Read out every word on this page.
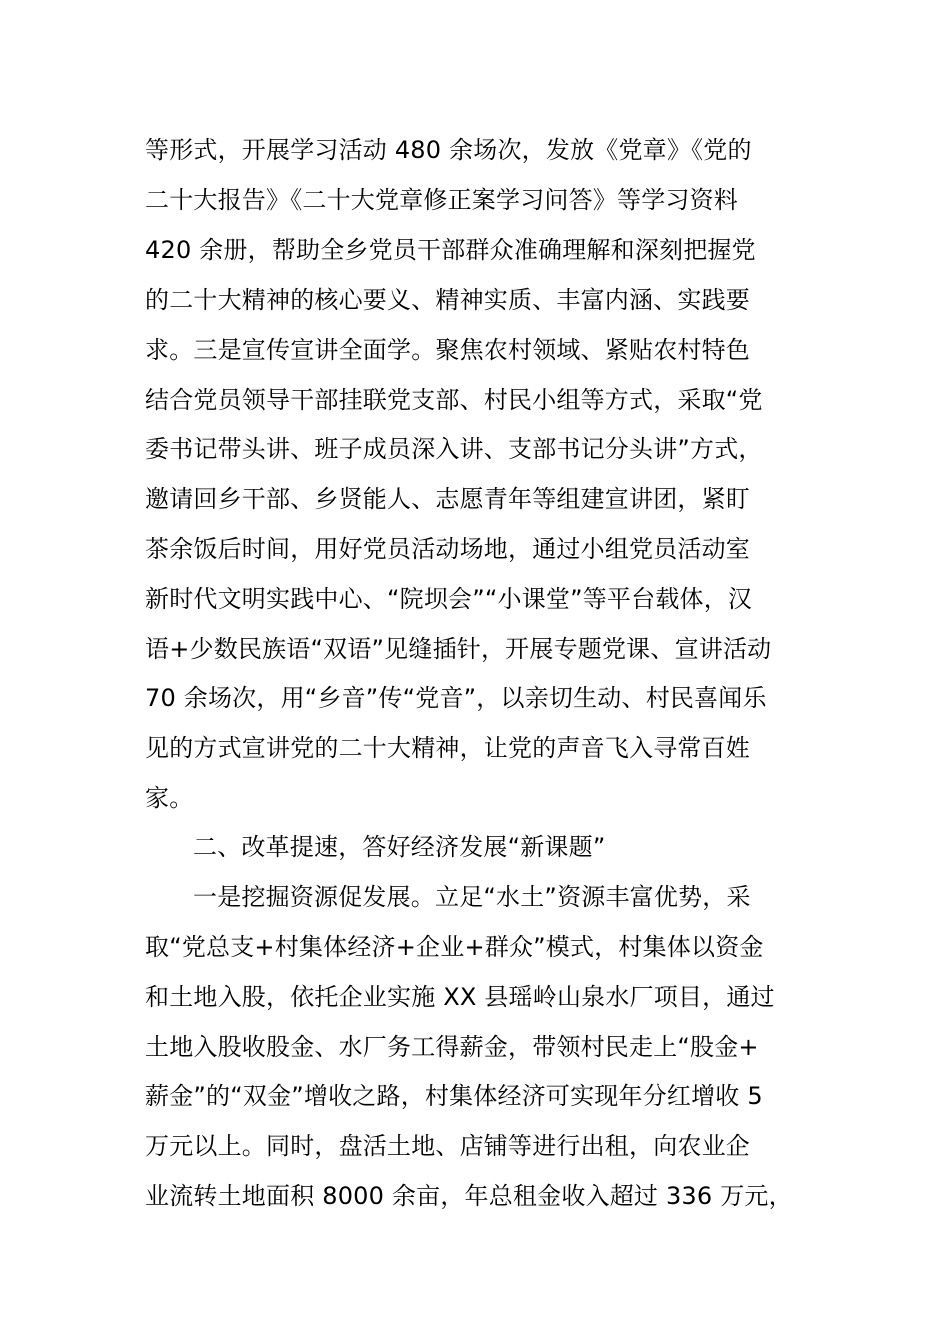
等形式，开展学习活动 480 余场次，发放《党章》《党的
二十大报告》《二十大党章修正案学习问答》等学习资料
420 余册，帮助全乡党员干部群众准确理解和深刻把握党
的二十大精神的核心要义、精神实质、丰富内涵、实践要
求。三是宣传宣讲全面学。聚焦农村领域、紧贴农村特色
结合党员领导干部挂联党支部、村民小组等方式，采取“党
委书记带头讲、班子成员深入讲、支部书记分头讲”方式，
邀请回乡干部、乡贤能人、志愿青年等组建宣讲团，紧盯
茶余饭后时间，用好党员活动场地，通过小组党员活动室
新时代文明实践中心、“院坝会”“小课堂”等平台载体，汉
语+少数民族语“双语”见缝插针，开展专题党课、宣讲活动
70 余场次，用“乡音”传“党音”，以亲切生动、村民喜闻乐
见的方式宣讲党的二十大精神，让党的声音飞入寻常百姓
家。
二、改革提速，答好经济发展“新课题”
一是挖掘资源促发展。立足“水土”资源丰富优势，采
取“党总支+村集体经济+企业+群众”模式，村集体以资金
和土地入股，依托企业实施 XX 县瑶岭山泉水厂项目，通过
土地入股收股金、水厂务工得薪金，带领村民走上“股金+
薪金”的“双金”增收之路，村集体经济可实现年分红增收 5
万元以上。同时，盘活土地、店铺等进行出租，向农业企
业流转土地面积 8000 余亩，年总租金收入超过 336 万元，
